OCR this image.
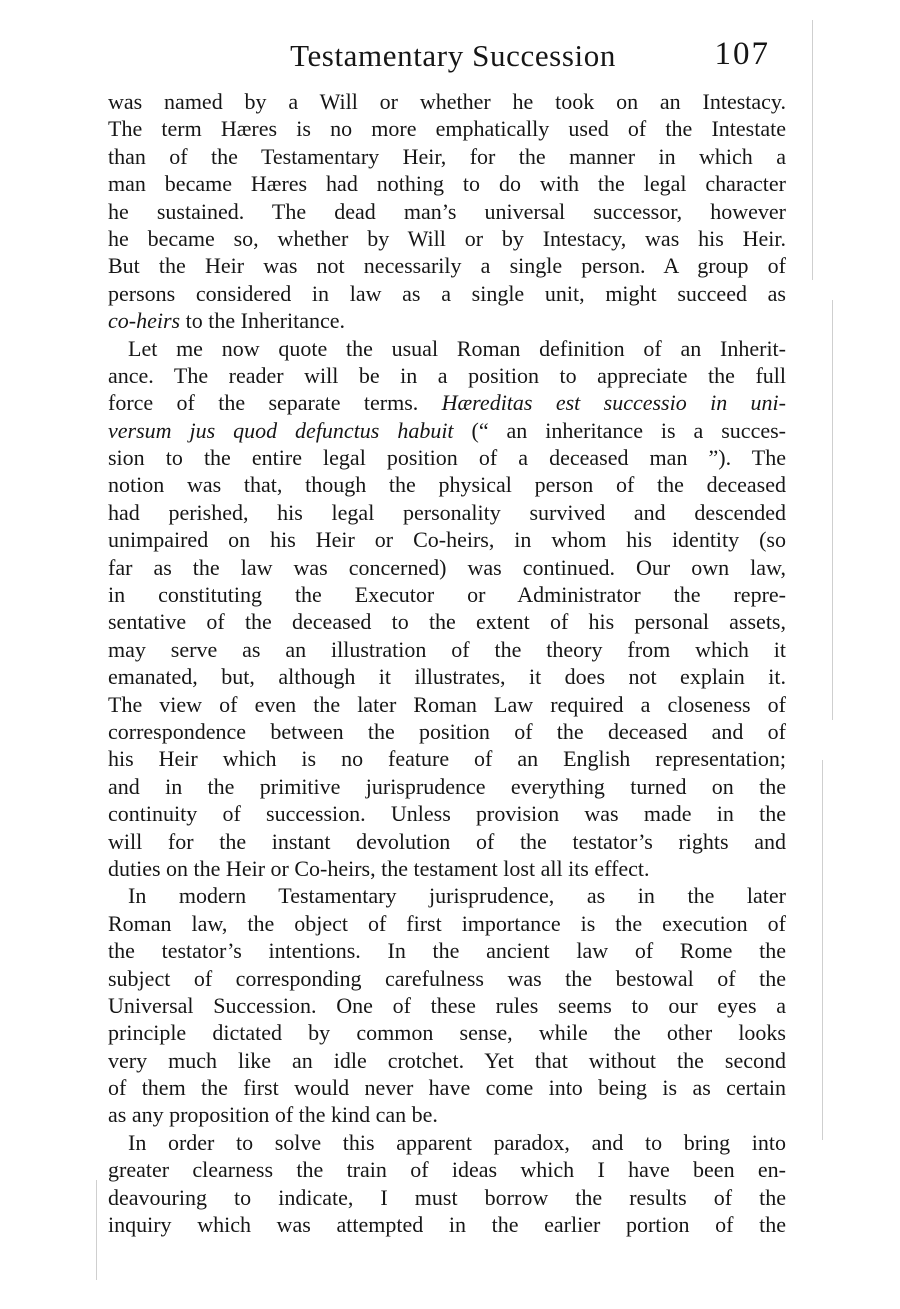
Testamentary Succession	107
was named by a Will or whether he took on an Intestacy.
The term Hæres is no more emphatically used of the Intestate
than of the Testamentary Heir, for the manner in which a
man became Hæres had nothing to do with the legal character
he sustained. The dead man’s universal successor, however
he became so, whether by Will or by Intestacy, was his Heir.
But the Heir was not necessarily a single person. A group of
persons considered in law as a single unit, might succeed as
co-heirs to the Inheritance.
Let me now quote the usual Roman definition of an Inherit-
ance. The reader will be in a position to appreciate the full
force of the separate terms. Hæreditas est successio in uni-
versum jus quod defunctus habuit (“ an inheritance is a succes-
sion to the entire legal position of a deceased man ”). The
notion was that, though the physical person of the deceased
had perished, his legal personality survived and descended
unimpaired on his Heir or Co-heirs, in whom his identity (so
far as the law was concerned) was continued. Our own law,
in constituting the Executor or Administrator the repre-
sentative of the deceased to the extent of his personal assets,
may serve as an illustration of the theory from which it
emanated, but, although it illustrates, it does not explain it.
The view of even the later Roman Law required a closeness of
correspondence between the position of the deceased and of
his Heir which is no feature of an English representation;
and in the primitive jurisprudence everything turned on the
continuity of succession. Unless provision was made in the
will for the instant devolution of the testator’s rights and
duties on the Heir or Co-heirs, the testament lost all its effect.
In modern Testamentary jurisprudence, as in the later
Roman law, the object of first importance is the execution of
the testator’s intentions. In the ancient law of Rome the
subject of corresponding carefulness was the bestowal of the
Universal Succession. One of these rules seems to our eyes a
principle dictated by common sense, while the other looks
very much like an idle crotchet. Yet that without the second
of them the first would never have come into being is as certain
as any proposition of the kind can be.
In order to solve this apparent paradox, and to bring into
greater clearness the train of ideas which I have been en-
deavouring to indicate, I must borrow the results of the
inquiry which was attempted in the earlier portion of the
